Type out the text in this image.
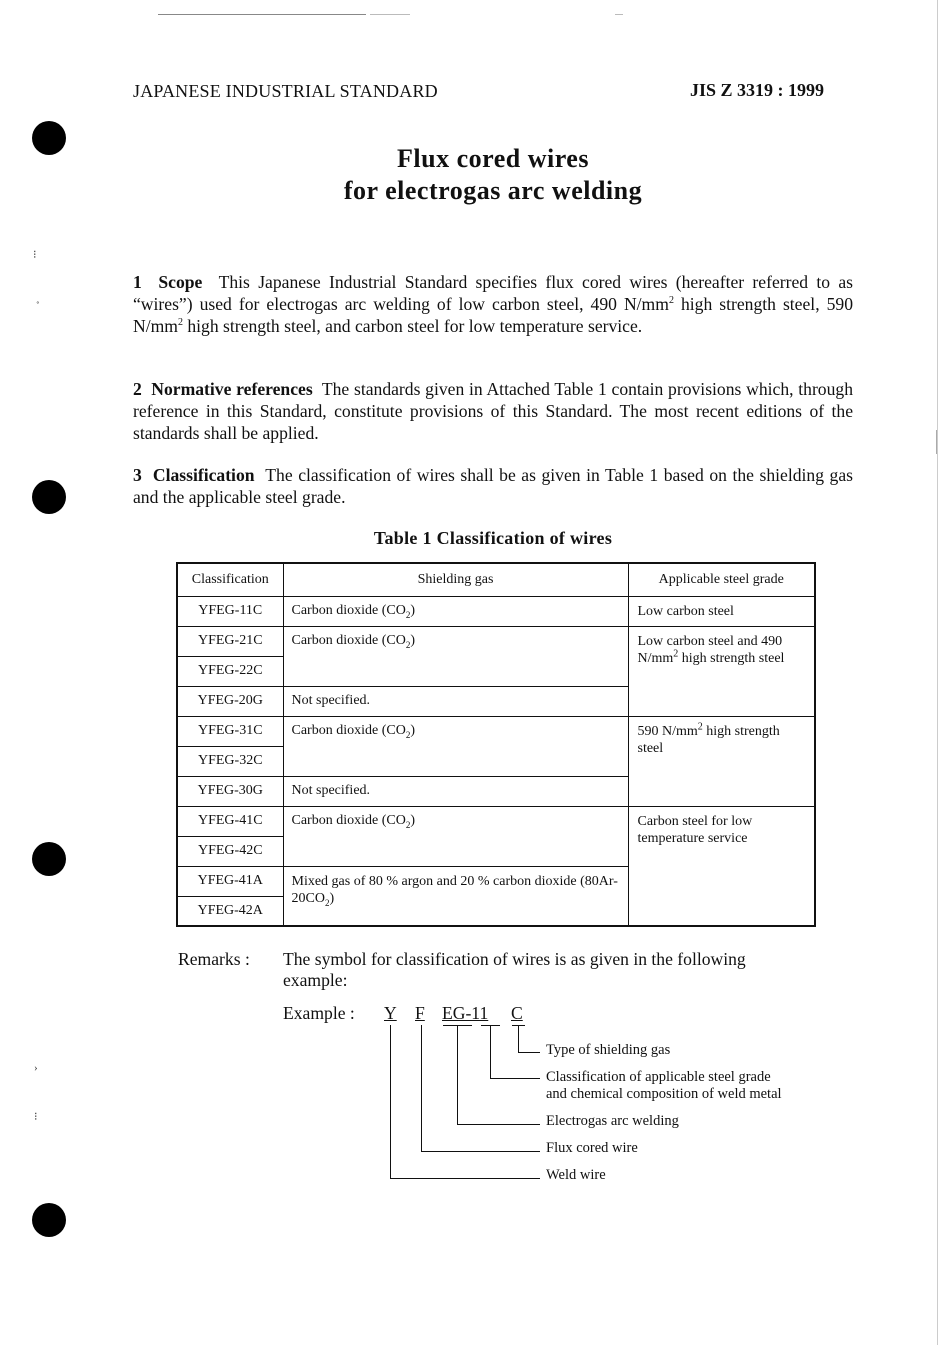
⁝
˚
›
⁝
JAPANESE INDUSTRIAL STANDARD	JIS Z 3319 : 1999
Flux cored wires
for electrogas arc welding
1 Scope This Japanese Industrial Standard specifies flux cored wires (hereafter referred to as “wires”) used for electrogas arc welding of low carbon steel, 490 $N/mm^2$ high strength steel, 590 $N/mm^2$ high strength steel, and carbon steel for low temperature service.
2 Normative references The standards given in Attached Table 1 contain provisions which, through reference in this Standard, constitute provisions of this Standard. The most recent editions of the standards shall be applied.
3 Classification The classification of wires shall be as given in Table 1 based on the shielding gas and the applicable steel grade.
Table 1 Classification of wires
Classification	Shielding gas	Applicable steel grade
YFEG-11C	Carbon dioxide $(CO_2)$	Low carbon steel
YFEG-21C	Carbon dioxide $(CO_2)$	Low carbon steel and 490 $N/mm^2$ high strength steel
YFEG-22C		
YFEG-20G	Not specified.	
YFEG-31C	Carbon dioxide $(CO_2)$	590 $N/mm^2$ high strength steel
YFEG-32C		
YFEG-30G	Not specified.	
YFEG-41C	Carbon dioxide $(CO_2)$	Carbon steel for low temperature service
YFEG-42C		
YFEG-41A	Mixed gas of 80 % argon and 20 % carbon dioxide $(80Ar-20CO_2)$	
YFEG-42A		
Remarks : The symbol for classification of wires is as given in the following example:
Example : Y F EG-11 C
Type of shielding gas
Classification of applicable steel grade
and chemical composition of weld metal
Electrogas arc welding
Flux cored wire
Weld wire
